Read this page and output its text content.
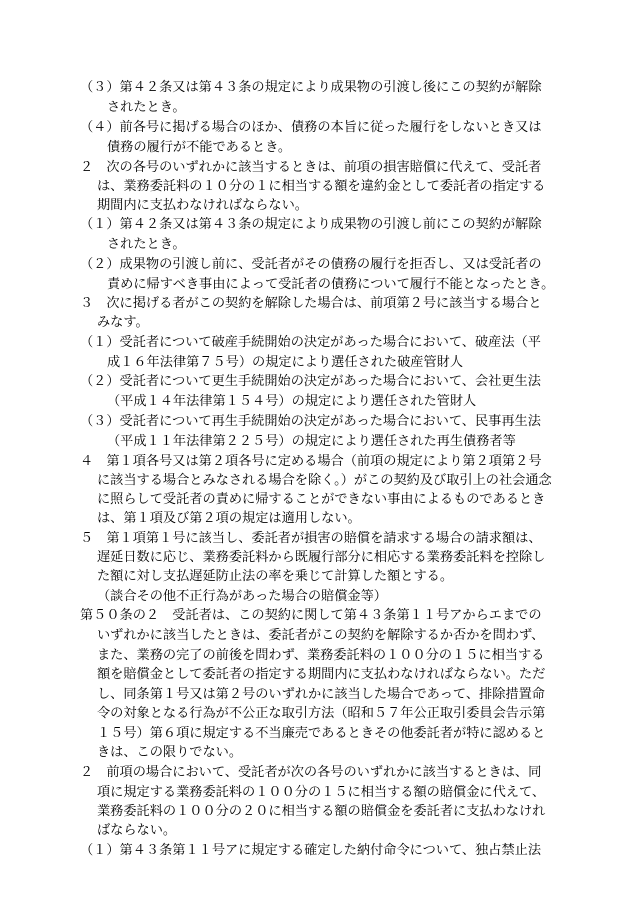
（３）第４２条又は第４３条の規定により成果物の引渡し後にこの契約が解除
されたとき。
（４）前各号に掲げる場合のほか、債務の本旨に従った履行をしないとき又は
債務の履行が不能であるとき。
２　次の各号のいずれかに該当するときは、前項の損害賠償に代えて、受託者
は、業務委託料の１０分の１に相当する額を違約金として委託者の指定する
期間内に支払わなければならない。
（１）第４２条又は第４３条の規定により成果物の引渡し前にこの契約が解除
されたとき。
（２）成果物の引渡し前に、受託者がその債務の履行を拒否し、又は受託者の
責めに帰すべき事由によって受託者の債務について履行不能となったとき。
３　次に掲げる者がこの契約を解除した場合は、前項第２号に該当する場合と
みなす。
（１）受託者について破産手続開始の決定があった場合において、破産法（平
成１６年法律第７５号）の規定により選任された破産管財人
（２）受託者について更生手続開始の決定があった場合において、会社更生法
（平成１４年法律第１５４号）の規定により選任された管財人
（３）受託者について再生手続開始の決定があった場合において、民事再生法
（平成１１年法律第２２５号）の規定により選任された再生債務者等
４　第１項各号又は第２項各号に定める場合（前項の規定により第２項第２号
に該当する場合とみなされる場合を除く。）がこの契約及び取引上の社会通念
に照らして受託者の責めに帰することができない事由によるものであるとき
は、第１項及び第２項の規定は適用しない。
５　第１項第１号に該当し、委託者が損害の賠償を請求する場合の請求額は、
遅延日数に応じ、業務委託料から既履行部分に相応する業務委託料を控除し
た額に対し支払遅延防止法の率を乗じて計算した額とする。
（談合その他不正行為があった場合の賠償金等）
第５０条の２　受託者は、この契約に関して第４３条第１１号アからエまでの
いずれかに該当したときは、委託者がこの契約を解除するか否かを問わず、
また、業務の完了の前後を問わず、業務委託料の１００分の１５に相当する
額を賠償金として委託者の指定する期間内に支払わなければならない。ただ
し、同条第１号又は第２号のいずれかに該当した場合であって、排除措置命
令の対象となる行為が不公正な取引方法（昭和５７年公正取引委員会告示第
１５号）第６項に規定する不当廉売であるときその他委託者が特に認めると
きは、この限りでない。
２　前項の場合において、受託者が次の各号のいずれかに該当するときは、同
項に規定する業務委託料の１００分の１５に相当する額の賠償金に代えて、
業務委託料の１００分の２０に相当する額の賠償金を委託者に支払わなけれ
ばならない。
（１）第４３条第１１号アに規定する確定した納付命令について、独占禁止法
